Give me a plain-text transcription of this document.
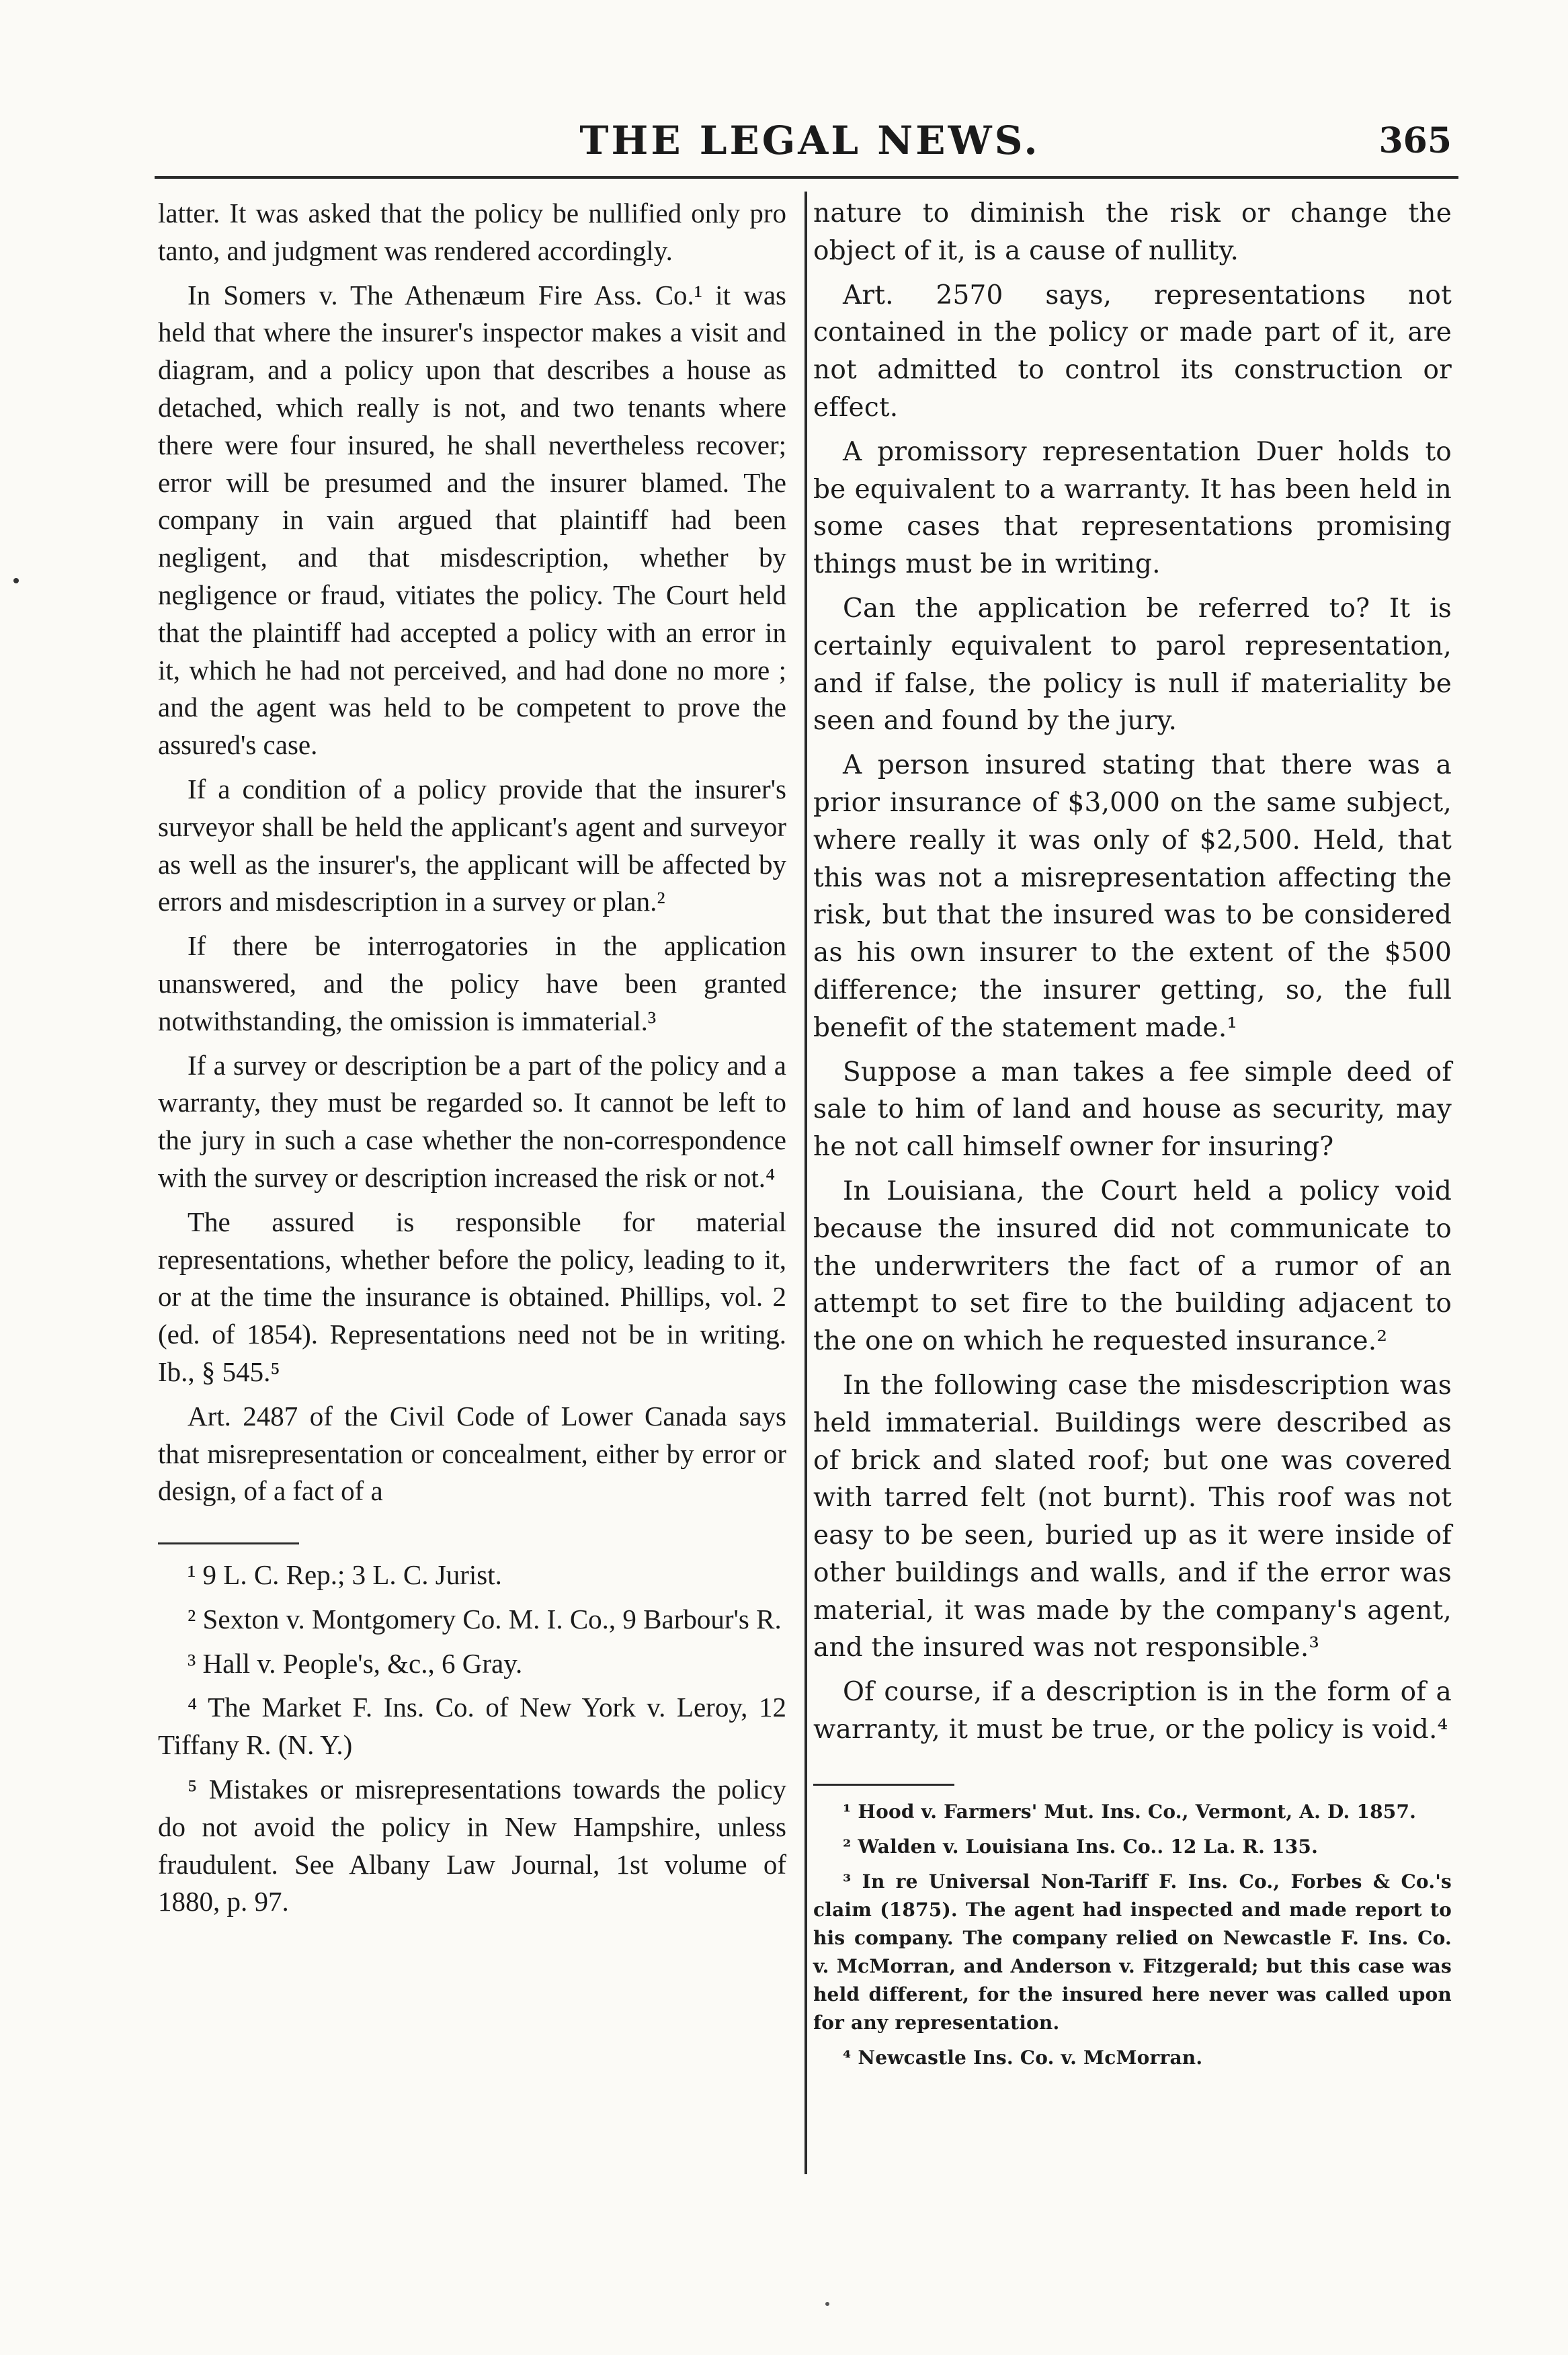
THE LEGAL NEWS.	365

latter. It was asked that the policy be nullified only pro tanto, and judgment was rendered accordingly.

In Somers v. The Athenæum Fire Ass. Co.¹ it was held that where the insurer's inspector makes a visit and diagram, and a policy upon that describes a house as detached, which really is not, and two tenants where there were four insured, he shall nevertheless recover; error will be presumed and the insurer blamed. The company in vain argued that plaintiff had been negligent, and that misdescription, whether by negligence or fraud, vitiates the policy. The Court held that the plaintiff had accepted a policy with an error in it, which he had not perceived, and had done no more ; and the agent was held to be competent to prove the assured's case.

If a condition of a policy provide that the insurer's surveyor shall be held the applicant's agent and surveyor as well as the insurer's, the applicant will be affected by errors and misdescription in a survey or plan.²

If there be interrogatories in the application unanswered, and the policy have been granted notwithstanding, the omission is immaterial.³

If a survey or description be a part of the policy and a warranty, they must be regarded so. It cannot be left to the jury in such a case whether the non-correspondence with the survey or description increased the risk or not.⁴

The assured is responsible for material representations, whether before the policy, leading to it, or at the time the insurance is obtained. Phillips, vol. 2 (ed. of 1854). Representations need not be in writing. Ib., § 545.⁵

Art. 2487 of the Civil Code of Lower Canada says that misrepresentation or concealment, either by error or design, of a fact of a

¹ 9 L. C. Rep.; 3 L. C. Jurist.

² Sexton v. Montgomery Co. M. I. Co., 9 Barbour's R.

³ Hall v. People's, &c., 6 Gray.

⁴ The Market F. Ins. Co. of New York v. Leroy, 12 Tiffany R. (N. Y.)

⁵ Mistakes or misrepresentations towards the policy do not avoid the policy in New Hampshire, unless fraudulent. See Albany Law Journal, 1st volume of 1880, p. 97.

nature to diminish the risk or change the object of it, is a cause of nullity.

Art. 2570 says, representations not contained in the policy or made part of it, are not admitted to control its construction or effect.

A promissory representation Duer holds to be equivalent to a warranty. It has been held in some cases that representations promising things must be in writing.

Can the application be referred to? It is certainly equivalent to parol representation, and if false, the policy is null if materiality be seen and found by the jury.

A person insured stating that there was a prior insurance of $3,000 on the same subject, where really it was only of $2,500. Held, that this was not a misrepresentation affecting the risk, but that the insured was to be considered as his own insurer to the extent of the $500 difference; the insurer getting, so, the full benefit of the statement made.¹

Suppose a man takes a fee simple deed of sale to him of land and house as security, may he not call himself owner for insuring?

In Louisiana, the Court held a policy void because the insured did not communicate to the underwriters the fact of a rumor of an attempt to set fire to the building adjacent to the one on which he requested insurance.²

In the following case the misdescription was held immaterial. Buildings were described as of brick and slated roof; but one was covered with tarred felt (not burnt). This roof was not easy to be seen, buried up as it were inside of other buildings and walls, and if the error was material, it was made by the company's agent, and the insured was not responsible.³

Of course, if a description is in the form of a warranty, it must be true, or the policy is void.⁴

¹ Hood v. Farmers' Mut. Ins. Co., Vermont, A. D. 1857.

² Walden v. Louisiana Ins. Co.. 12 La. R. 135.

³ In re Universal Non-Tariff F. Ins. Co., Forbes & Co.'s claim (1875). The agent had inspected and made report to his company. The company relied on Newcastle F. Ins. Co. v. McMorran, and Anderson v. Fitzgerald; but this case was held different, for the insured here never was called upon for any representation.

⁴ Newcastle Ins. Co. v. McMorran.
